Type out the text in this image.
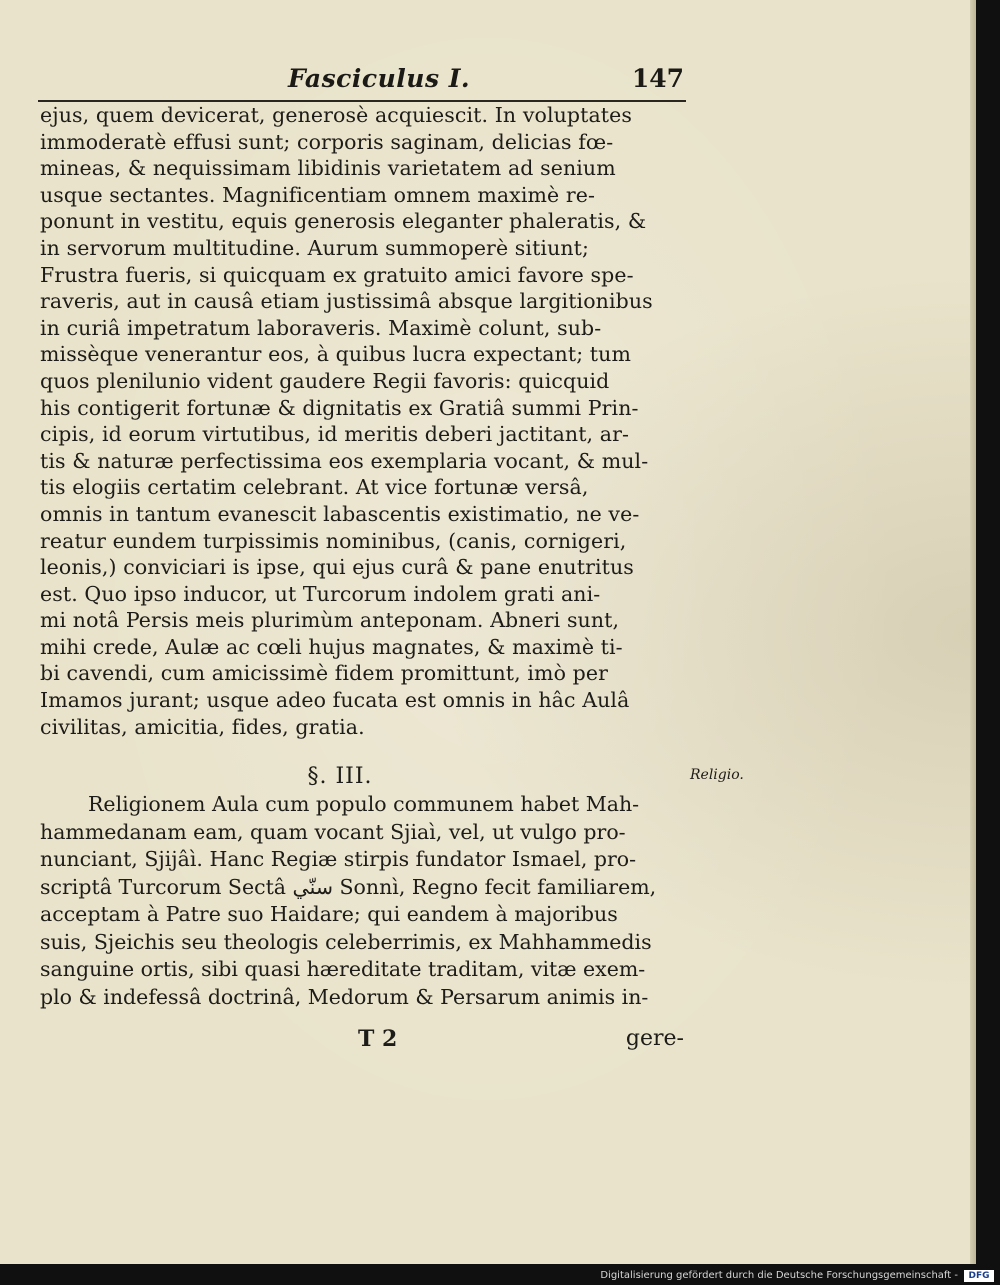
Fasciculus I.	147
ejus, quem devicerat, generosè acquiescit. In voluptates
immoderatè effusi sunt; corporis saginam, delicias fœ-
mineas, & nequissimam libidinis varietatem ad senium
usque sectantes. Magnificentiam omnem maximè re-
ponunt in vestitu, equis generosis eleganter phaleratis, &
in servorum multitudine. Aurum summoperè sitiunt;
Frustra fueris, si quicquam ex gratuito amici favore spe-
raveris, aut in causâ etiam justissimâ absque largitionibus
in curiâ impetratum laboraveris. Maximè colunt, sub-
missèque venerantur eos, à quibus lucra expectant; tum
quos plenilunio vident gaudere Regii favoris: quicquid
his contigerit fortunæ & dignitatis ex Gratiâ summi Prin-
cipis, id eorum virtutibus, id meritis deberi jactitant, ar-
tis & naturæ perfectissima eos exemplaria vocant, & mul-
tis elogiis certatim celebrant. At vice fortunæ versâ,
omnis in tantum evanescit labascentis existimatio, ne ve-
reatur eundem turpissimis nominibus, (canis, cornigeri,
leonis,) conviciari is ipse, qui ejus curâ & pane enutritus
est. Quo ipso inducor, ut Turcorum indolem grati ani-
mi notâ Persis meis plurimùm anteponam. Abneri sunt,
mihi crede, Aulæ ac cœli hujus magnates, & maximè ti-
bi cavendi, cum amicissimè fidem promittunt, imò per
Imamos jurant; usque adeo fucata est omnis in hâc Aulâ
civilitas, amicitia, fides, gratia.
§. III.	Religio.
Religionem Aula cum populo communem habet Mah-
hammedanam eam, quam vocant Sjiaì, vel, ut vulgo pro-
nunciant, Sjijâì. Hanc Regiæ stirpis fundator Ismael, pro-
scriptâ Turcorum Sectâ سنّي Sonnì, Regno fecit familiarem,
acceptam à Patre suo Haidare; qui eandem à majoribus
suis, Sjeichis seu theologis celeberrimis, ex Mahhammedis
sanguine ortis, sibi quasi hæreditate traditam, vitæ exem-
plo & indefessâ doctrinâ, Medorum & Persarum animis in-
T 2	gere-
Digitalisierung gefördert durch die Deutsche Forschungsgemeinschaft -	DFG
